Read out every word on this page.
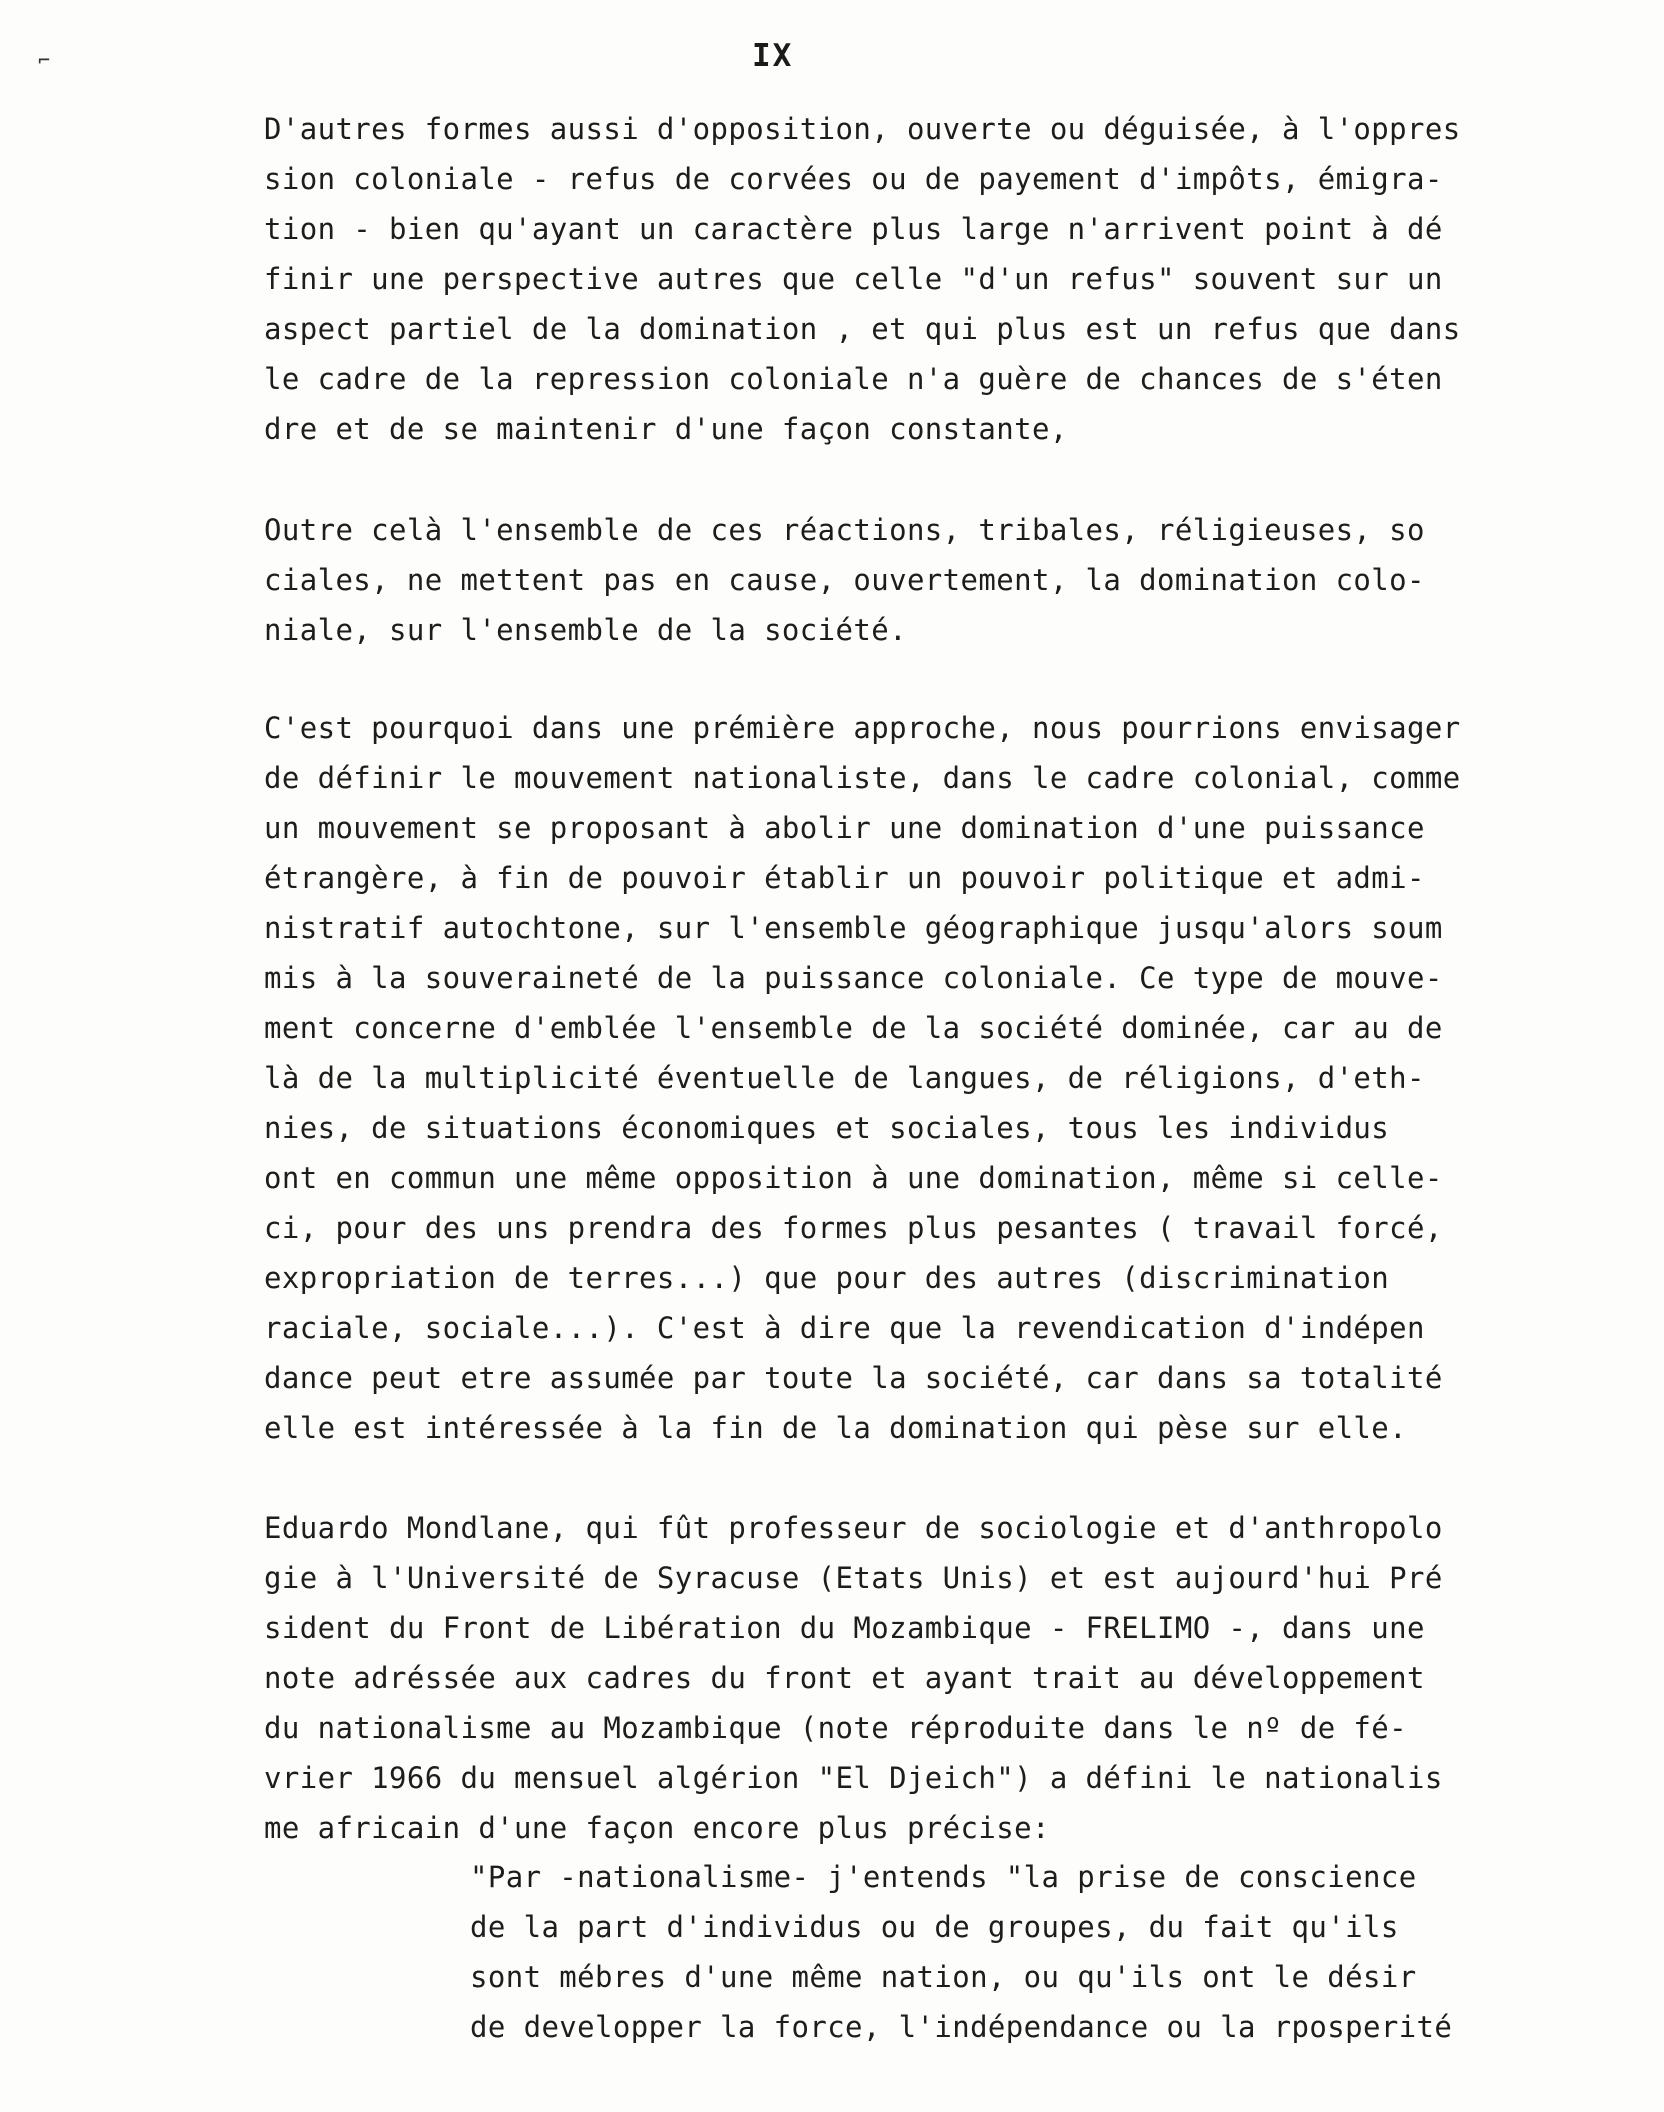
⌐	IX
D'autres formes aussi d'opposition, ouverte ou déguisée, à l'oppres
sion coloniale - refus de corvées ou de payement d'impôts, émigra-
tion - bien qu'ayant un caractère plus large n'arrivent point à dé
finir une perspective autres que celle "d'un refus" souvent sur un
aspect partiel de la domination , et qui plus est un refus que dans
le cadre de la repression coloniale n'a guère de chances de s'éten
dre et de se maintenir d'une façon constante,
Outre celà l'ensemble de ces réactions, tribales, réligieuses, so
ciales, ne mettent pas en cause, ouvertement, la domination colo-
niale, sur l'ensemble de la société.
C'est pourquoi dans une prémière approche, nous pourrions envisager
de définir le mouvement nationaliste, dans le cadre colonial, comme
un mouvement se proposant à abolir une domination d'une puissance
étrangère, à fin de pouvoir établir un pouvoir politique et admi-
nistratif autochtone, sur l'ensemble géographique jusqu'alors soum
mis à la souveraineté de la puissance coloniale. Ce type de mouve-
ment concerne d'emblée l'ensemble de la société dominée, car au de
là de la multiplicité éventuelle de langues, de réligions, d'eth-
nies, de situations économiques et sociales, tous les individus
ont en commun une même opposition à une domination, même si celle-
ci, pour des uns prendra des formes plus pesantes ( travail forcé,
expropriation de terres...) que pour des autres (discrimination
raciale, sociale...). C'est à dire que la revendication d'indépen
dance peut etre assumée par toute la société, car dans sa totalité
elle est intéressée à la fin de la domination qui pèse sur elle.
Eduardo Mondlane, qui fût professeur de sociologie et d'anthropolo
gie à l'Université de Syracuse (Etats Unis) et est aujourd'hui Pré
sident du Front de Libération du Mozambique - FRELIMO -, dans une
note adréssée aux cadres du front et ayant trait au développement
du nationalisme au Mozambique (note réproduite dans le nº de fé-
vrier 1966 du mensuel algérion "El Djeich") a défini le nationalis
me africain d'une façon encore plus précise:
"Par -nationalisme- j'entends "la prise de conscience
de la part d'individus ou de groupes, du fait qu'ils
sont mébres d'une même nation, ou qu'ils ont le désir
de developper la force, l'indépendance ou la rposperité
